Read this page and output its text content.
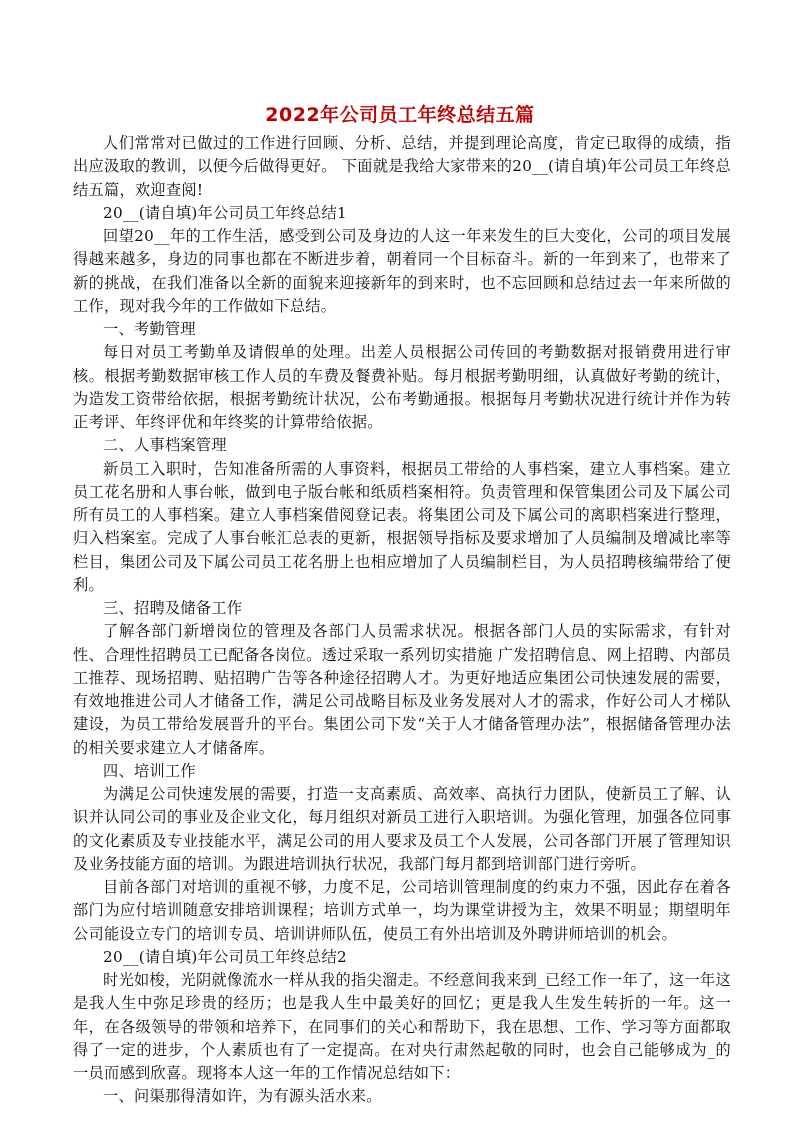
2022年公司员工年终总结五篇

人们常常对已做过的工作进行回顾、分析、总结，并提到理论高度，肯定已取得的成绩，指出应汲取的教训，以便今后做得更好。 下面就是我给大家带来的20__(请自填)年公司员工年终总结五篇，欢迎查阅!

20__(请自填)年公司员工年终总结1

回望20__年的工作生活，感受到公司及身边的人这一年来发生的巨大变化，公司的项目发展得越来越多，身边的同事也都在不断进步着，朝着同一个目标奋斗。新的一年到来了，也带来了新的挑战，在我们准备以全新的面貌来迎接新年的到来时，也不忘回顾和总结过去一年来所做的工作，现对我今年的工作做如下总结。

一、考勤管理

每日对员工考勤单及请假单的处理。出差人员根据公司传回的考勤数据对报销费用进行审核。根据考勤数据审核工作人员的车费及餐费补贴。每月根据考勤明细，认真做好考勤的统计，为造发工资带给依据，根据考勤统计状况，公布考勤通报。根据每月考勤状况进行统计并作为转正考评、年终评优和年终奖的计算带给依据。

二、人事档案管理

新员工入职时，告知准备所需的人事资料，根据员工带给的人事档案，建立人事档案。建立员工花名册和人事台帐，做到电子版台帐和纸质档案相符。负责管理和保管集团公司及下属公司所有员工的人事档案。建立人事档案借阅登记表。将集团公司及下属公司的离职档案进行整理，归入档案室。完成了人事台帐汇总表的更新，根据领导指标及要求增加了人员编制及增减比率等栏目，集团公司及下属公司员工花名册上也相应增加了人员编制栏目，为人员招聘核编带给了便利。

三、招聘及储备工作

了解各部门新增岗位的管理及各部门人员需求状况。根据各部门人员的实际需求，有针对性、合理性招聘员工已配备各岗位。透过采取一系列切实措施 广发招聘信息、网上招聘、内部员工推荐、现场招聘、贴招聘广告等各种途径招聘人才。为更好地适应集团公司快速发展的需要，有效地推进公司人才储备工作，满足公司战略目标及业务发展对人才的需求，作好公司人才梯队建设，为员工带给发展晋升的平台。集团公司下发“关于人才储备管理办法”，根据储备管理办法的相关要求建立人才储备库。

四、培训工作

为满足公司快速发展的需要，打造一支高素质、高效率、高执行力团队，使新员工了解、认识并认同公司的事业及企业文化，每月组织对新员工进行入职培训。为强化管理，加强各位同事的文化素质及专业技能水平，满足公司的用人要求及员工个人发展，公司各部门开展了管理知识及业务技能方面的培训。为跟进培训执行状况，我部门每月都到培训部门进行旁听。

目前各部门对培训的重视不够，力度不足，公司培训管理制度的约束力不强，因此存在着各部门为应付培训随意安排培训课程；培训方式单一，均为课堂讲授为主，效果不明显；期望明年公司能设立专门的培训专员、培训讲师队伍，使员工有外出培训及外聘讲师培训的机会。

20__(请自填)年公司员工年终总结2

时光如梭，光阴就像流水一样从我的指尖溜走。不经意间我来到_已经工作一年了，这一年这是我人生中弥足珍贵的经历；也是我人生中最美好的回忆；更是我人生发生转折的一年。这一年，在各级领导的带领和培养下，在同事们的关心和帮助下，我在思想、工作、学习等方面都取得了一定的进步，个人素质也有了一定提高。在对央行肃然起敬的同时，也会自己能够成为_的一员而感到欣喜。现将本人这一年的工作情况总结如下：

一、问渠那得清如许，为有源头活水来。
